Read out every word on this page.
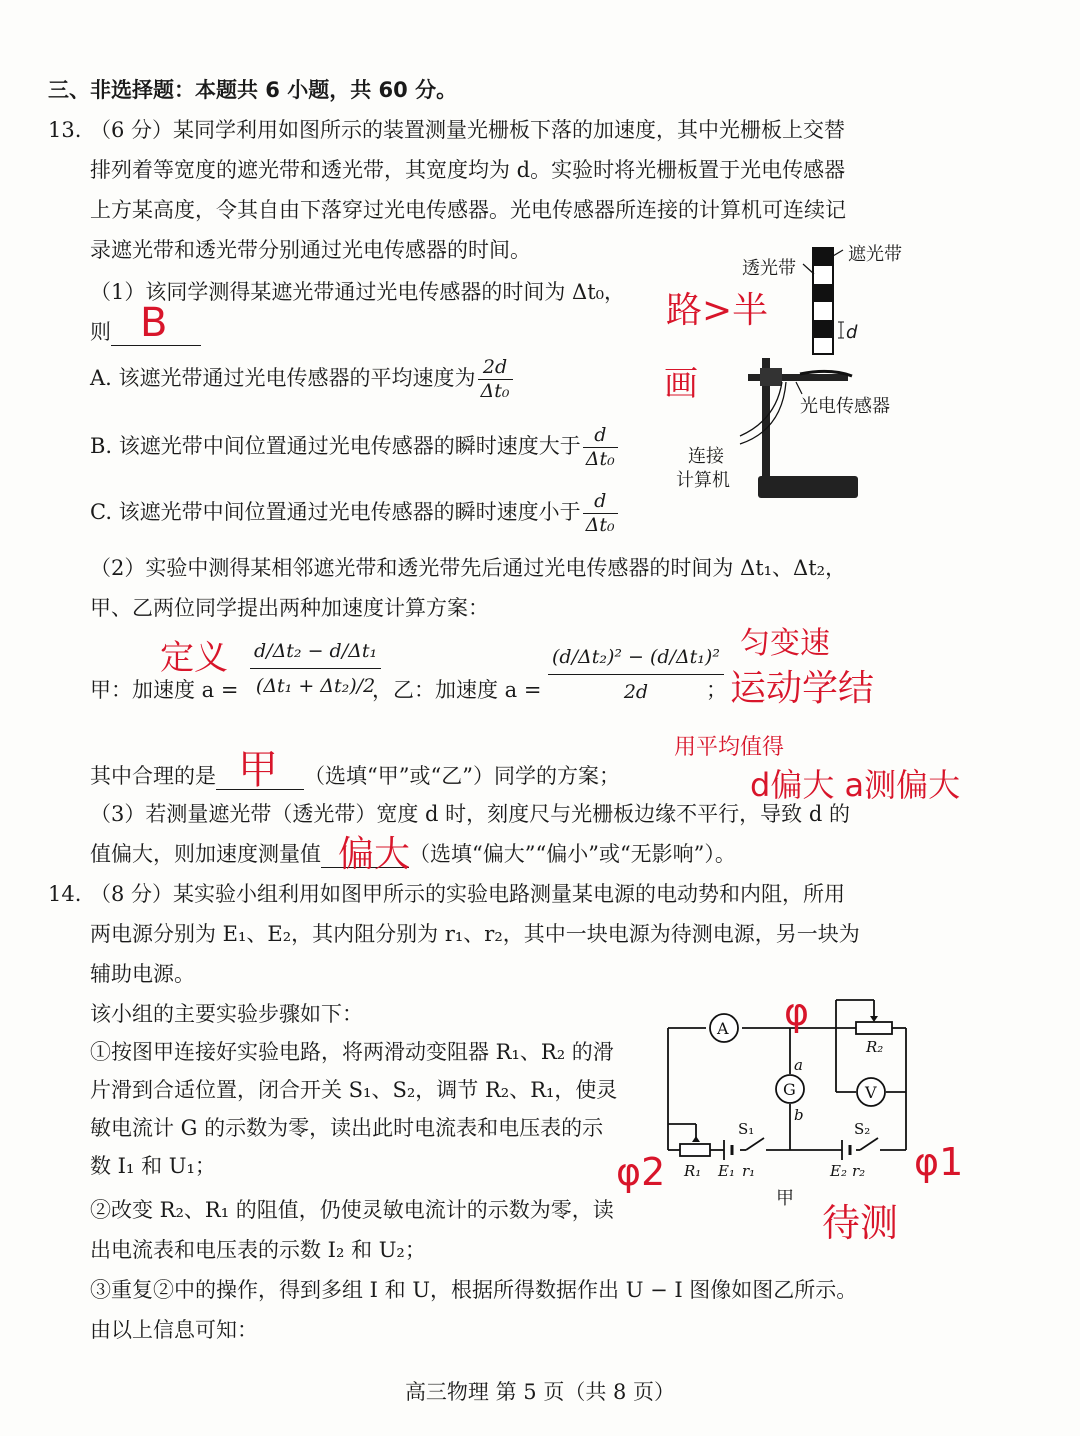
三、非选择题：本题共 6 小题，共 60 分。
13. （6 分）某同学利用如图所示的装置测量光栅板下落的加速度，其中光栅板上交替
排列着等宽度的遮光带和透光带，其宽度均为 d。实验时将光栅板置于光电传感器
上方某高度，令其自由下落穿过光电传感器。光电传感器所连接的计算机可连续记
录遮光带和透光带分别通过光电传感器的时间。
（1）该同学测得某遮光带通过光电传感器的时间为 Δt₀，
则
A. 该遮光带通过光电传感器的平均速度为 $\frac{2d}{\text{Δt₀}}$
B. 该遮光带中间位置通过光电传感器的瞬时速度大于 $\frac{d}{\text{Δt₀}}$
C. 该遮光带中间位置通过光电传感器的瞬时速度小于 $\frac{d}{\text{Δt₀}}$
透光带
遮光带
d
光电传感器
连接
计算机
（2）实验中测得某相邻遮光带和透光带先后通过光电传感器的时间为 Δt₁、Δt₂，
甲、乙两位同学提出两种加速度计算方案：
甲：加速度 $a = \frac{\text{d/Δt₂ − d/Δt₁}}{\text{(Δt₁ + Δt₂)/2}}$
，乙：加速度 $a = \frac{\text{(d/Δt₂)² − (d/Δt₁)²}}{2d}$
；
其中合理的是	（选填“甲”或“乙”）同学的方案；
（3）若测量遮光带（透光带）宽度 d 时，刻度尺与光栅板边缘不平行，导致 d 的
值偏大，则加速度测量值	（选填“偏大”“偏小”或“无影响”）。
14. （8 分）某实验小组利用如图甲所示的实验电路测量某电源的电动势和内阻，所用
两电源分别为 E₁、E₂，其内阻分别为 r₁、r₂，其中一块电源为待测电源，另一块为
辅助电源。
该小组的主要实验步骤如下：
①按图甲连接好实验电路，将两滑动变阻器 R₁、R₂ 的滑
片滑到合适位置，闭合开关 S₁、S₂，调节 R₂、R₁，使灵
敏电流计 G 的示数为零，读出此时电流表和电压表的示
数 I₁ 和 U₁；
②改变 R₂、R₁ 的阻值，仍使灵敏电流计的示数为零，读
出电流表和电压表的示数 I₂ 和 U₂；
③重复②中的操作，得到多组 I 和 U，根据所得数据作出 U − I 图像如图乙所示。
由以上信息可知：
A
G	V
a
b
R₂
R₁ E₁ r₁	E₂ r₂
S₁	S₂
甲
B	路>半
画
定义	匀变速
运动学结
甲	用平均值得
d偏大 a测偏大
偏大
φ
φ2	φ1
待测
高三物理 第 5 页（共 8 页）
